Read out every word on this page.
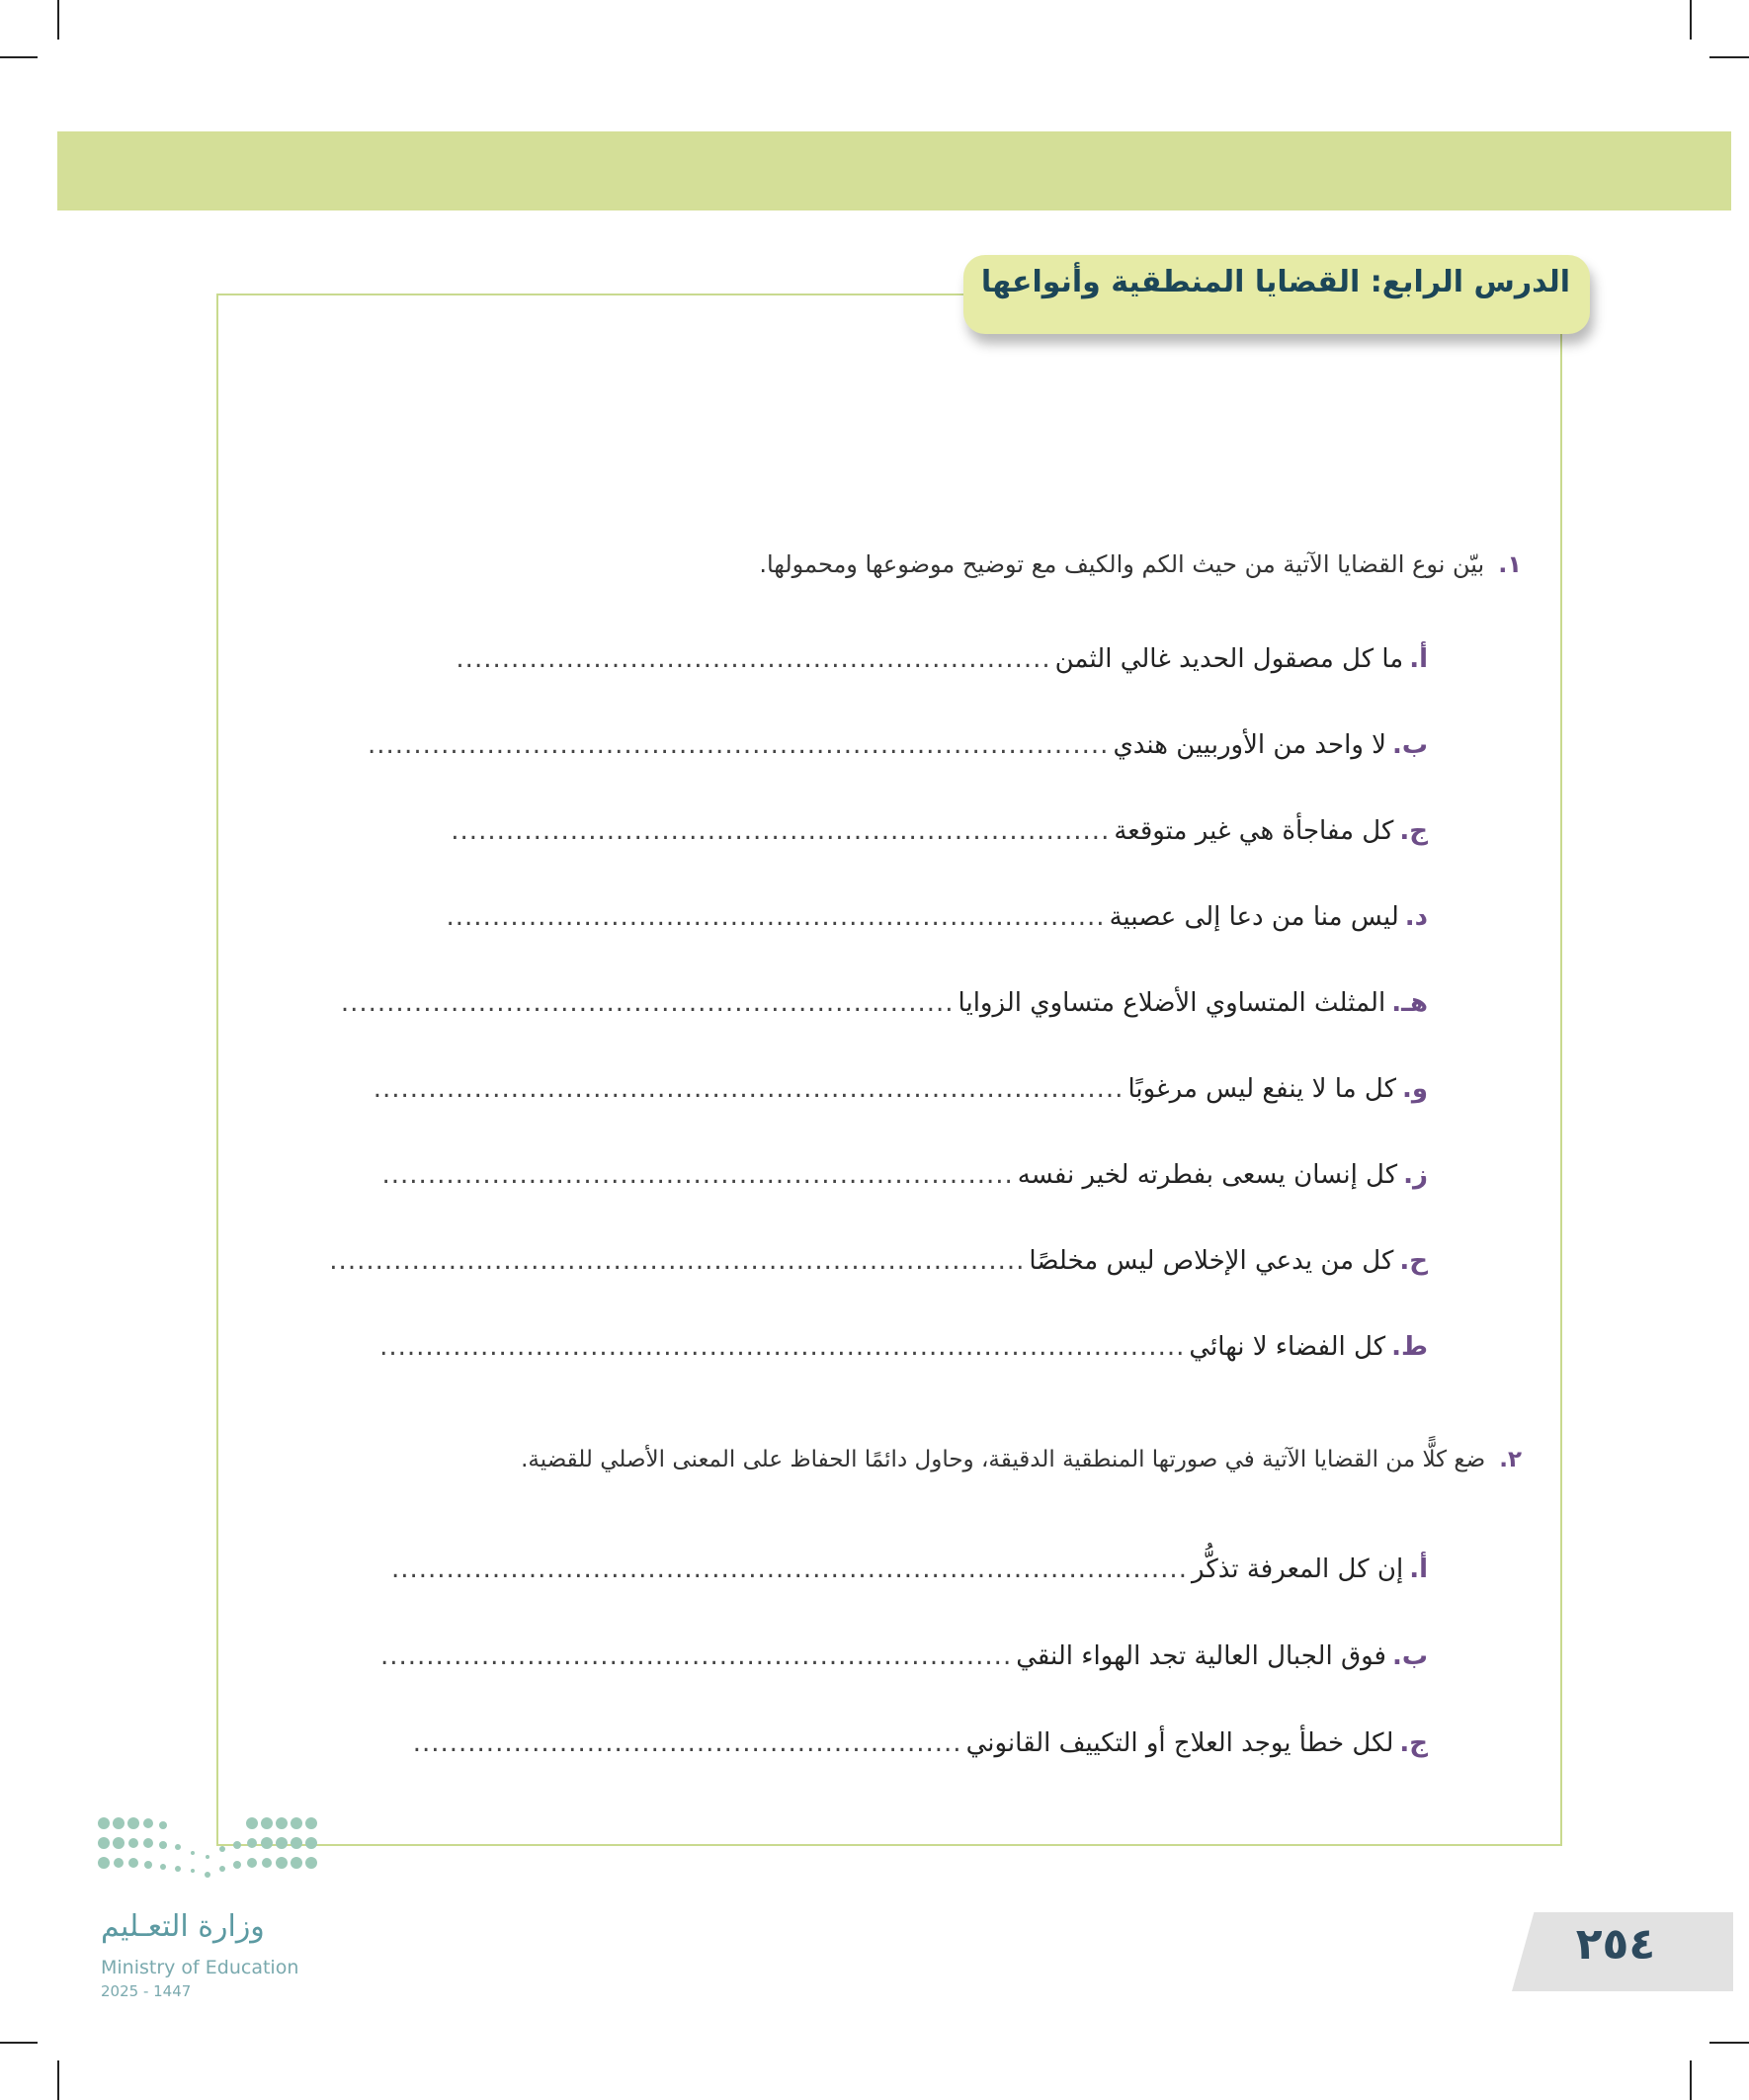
الدرس الرابع: القضايا المنطقية وأنواعها
١.بيّن نوع القضايا الآتية من حيث الكم والكيف مع توضيح موضوعها ومحمولها.
أ.
ما كل مصقول الحديد غالي الثمن
.................................................................
ب.
لا واحد من الأوربيين هندي
.................................................................................
ج.
كل مفاجأة هي غير متوقعة
........................................................................
د.
ليس منا من دعا إلى عصبية
........................................................................
هـ.
المثلث المتساوي الأضلاع متساوي الزوايا
...................................................................
و.
كل ما لا ينفع ليس مرغوبًا
..................................................................................
ز.
كل إنسان يسعى بفطرته لخير نفسه
.....................................................................
ح.
كل من يدعي الإخلاص ليس مخلصًا
............................................................................
ط.
كل الفضاء لا نهائي
........................................................................................
٢.ضع كلًّا من القضايا الآتية في صورتها المنطقية الدقيقة، وحاول دائمًا الحفاظ على المعنى الأصلي للقضية.
أ.
إن كل المعرفة تذكُّر
.......................................................................................
ب.
فوق الجبال العالية تجد الهواء النقي
.....................................................................
ج.
لكل خطأ يوجد العلاج أو التكييف القانوني
............................................................
وزارة التعـليم
Ministry of Education
2025 - 1447
٢٥٤
